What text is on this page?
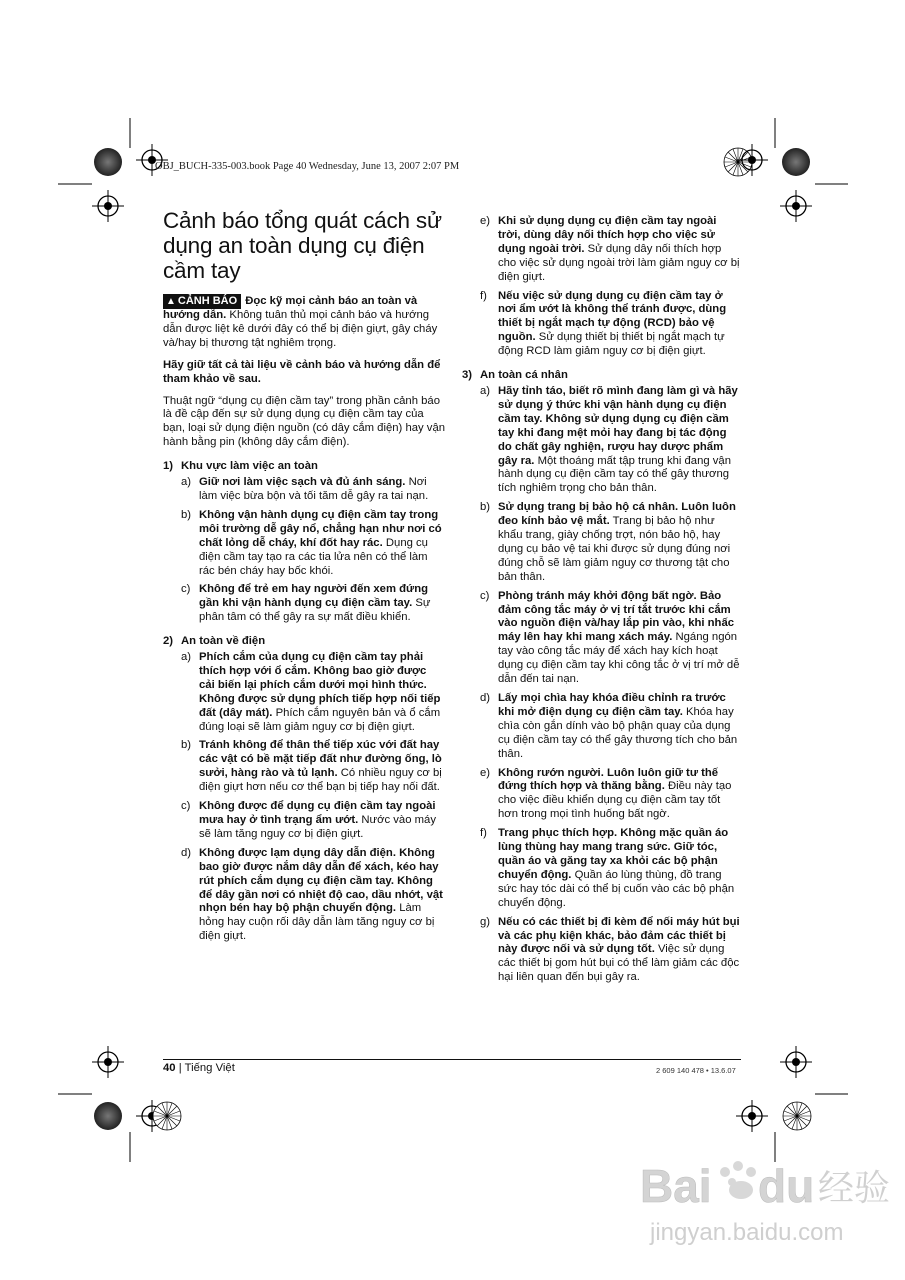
OBJ_BUCH-335-003.book Page 40 Wednesday, June 13, 2007 2:07 PM
Cảnh báo tổng quát cách sử dụng an toàn dụng cụ điện cầm tay

▲ CẢNH BÁO Đọc kỹ mọi cảnh báo an toàn và hướng dẫn. Không tuân thủ mọi cảnh báo và hướng dẫn được liệt kê dưới đây có thể bị điện giựt, gây cháy và/hay bị thương tật nghiêm trọng.

Hãy giữ tất cả tài liệu về cảnh báo và hướng dẫn để tham khảo về sau.

Thuật ngữ “dụng cụ điện cầm tay” trong phần cảnh báo là đề cập đến sự sử dụng dụng cụ điện cầm tay của bạn, loại sử dụng điện nguồn (có dây cắm điện) hay vận hành bằng pin (không dây cắm điện).

1) Khu vực làm việc an toàn
a) Giữ nơi làm việc sạch và đủ ánh sáng. Nơi làm việc bừa bộn và tối tăm dễ gây ra tai nạn.
b) Không vận hành dụng cụ điện cầm tay trong môi trường dễ gây nổ, chẳng hạn như nơi có chất lỏng dễ cháy, khí đốt hay rác. Dụng cụ điện cầm tay tạo ra các tia lửa nên có thể làm rác bén cháy hay bốc khói.
c) Không để trẻ em hay người đến xem đứng gần khi vận hành dụng cụ điện cầm tay. Sự phân tâm có thể gây ra sự mất điều khiển.
2) An toàn về điện
a) Phích cắm của dụng cụ điện cầm tay phải thích hợp với ổ cắm. Không bao giờ được cải biến lại phích cắm dưới mọi hình thức. Không được sử dụng phích tiếp hợp nối tiếp đất (dây mát). Phích cắm nguyên bản và ổ cắm đúng loại sẽ làm giảm nguy cơ bị điện giựt.
b) Tránh không để thân thể tiếp xúc với đất hay các vật có bề mặt tiếp đất như đường ống, lò sưởi, hàng rào và tủ lạnh. Có nhiều nguy cơ bị điện giựt hơn nếu cơ thể bạn bị tiếp hay nối đất.
c) Không được để dụng cụ điện cầm tay ngoài mưa hay ở tình trạng ẩm ướt. Nước vào máy sẽ làm tăng nguy cơ bị điện giựt.
d) Không được lạm dụng dây dẫn điện. Không bao giờ được nắm dây dẫn để xách, kéo hay rút phích cắm dụng cụ điện cầm tay. Không để dây gần nơi có nhiệt độ cao, dầu nhớt, vật nhọn bén hay bộ phận chuyển động. Làm hỏng hay cuộn rối dây dẫn làm tăng nguy cơ bị điện giựt.
e) Khi sử dụng dụng cụ điện cầm tay ngoài trời, dùng dây nối thích hợp cho việc sử dụng ngoài trời. Sử dụng dây nối thích hợp cho việc sử dụng ngoài trời làm giảm nguy cơ bị điện giựt.
f) Nếu việc sử dụng dụng cụ điện cầm tay ở nơi ẩm ướt là không thể tránh được, dùng thiết bị ngắt mạch tự động (RCD) bảo vệ nguồn. Sử dụng thiết bị thiết bị ngắt mạch tự động RCD làm giảm nguy cơ bị điện giựt.
3) An toàn cá nhân
a) Hãy tỉnh táo, biết rõ mình đang làm gì và hãy sử dụng ý thức khi vận hành dụng cụ điện cầm tay. Không sử dụng dụng cụ điện cầm tay khi đang mệt mỏi hay đang bị tác động do chất gây nghiện, rượu hay dược phẩm gây ra. Một thoáng mất tập trung khi đang vận hành dụng cụ điện cầm tay có thể gây thương tích nghiêm trọng cho bản thân.
b) Sử dụng trang bị bảo hộ cá nhân. Luôn luôn đeo kính bảo vệ mắt. Trang bị bảo hộ như khẩu trang, giày chống trợt, nón bảo hộ, hay dụng cụ bảo vệ tai khi được sử dụng đúng nơi đúng chỗ sẽ làm giảm nguy cơ thương tật cho bản thân.
c) Phòng tránh máy khởi động bất ngờ. Bảo đảm công tắc máy ở vị trí tắt trước khi cắm vào nguồn điện và/hay lắp pin vào, khi nhấc máy lên hay khi mang xách máy. Ngáng ngón tay vào công tắc máy để xách hay kích hoạt dụng cụ điện cầm tay khi công tắc ở vị trí mở dễ dẫn đến tai nạn.
d) Lấy mọi chìa hay khóa điều chỉnh ra trước khi mở điện dụng cụ điện cầm tay. Khóa hay chìa còn gắn dính vào bộ phận quay của dụng cụ điện cầm tay có thể gây thương tích cho bản thân.
e) Không rướn người. Luôn luôn giữ tư thế đứng thích hợp và thăng bằng. Điều này tạo cho việc điều khiển dụng cụ điện cầm tay tốt hơn trong mọi tình huống bất ngờ.
f) Trang phục thích hợp. Không mặc quần áo lùng thùng hay mang trang sức. Giữ tóc, quần áo và găng tay xa khỏi các bộ phận chuyển động. Quần áo lùng thùng, đồ trang sức hay tóc dài có thể bị cuốn vào các bộ phận chuyển động.
g) Nếu có các thiết bị đi kèm để nối máy hút bụi và các phụ kiện khác, bảo đảm các thiết bị này được nối và sử dụng tốt. Việc sử dụng các thiết bị gom hút bụi có thể làm giảm các độc hại liên quan đến bụi gây ra.
40 | Tiếng Việt	2 609 140 478 • 13.6.07
Bai du 经验
jingyan.baidu.com
